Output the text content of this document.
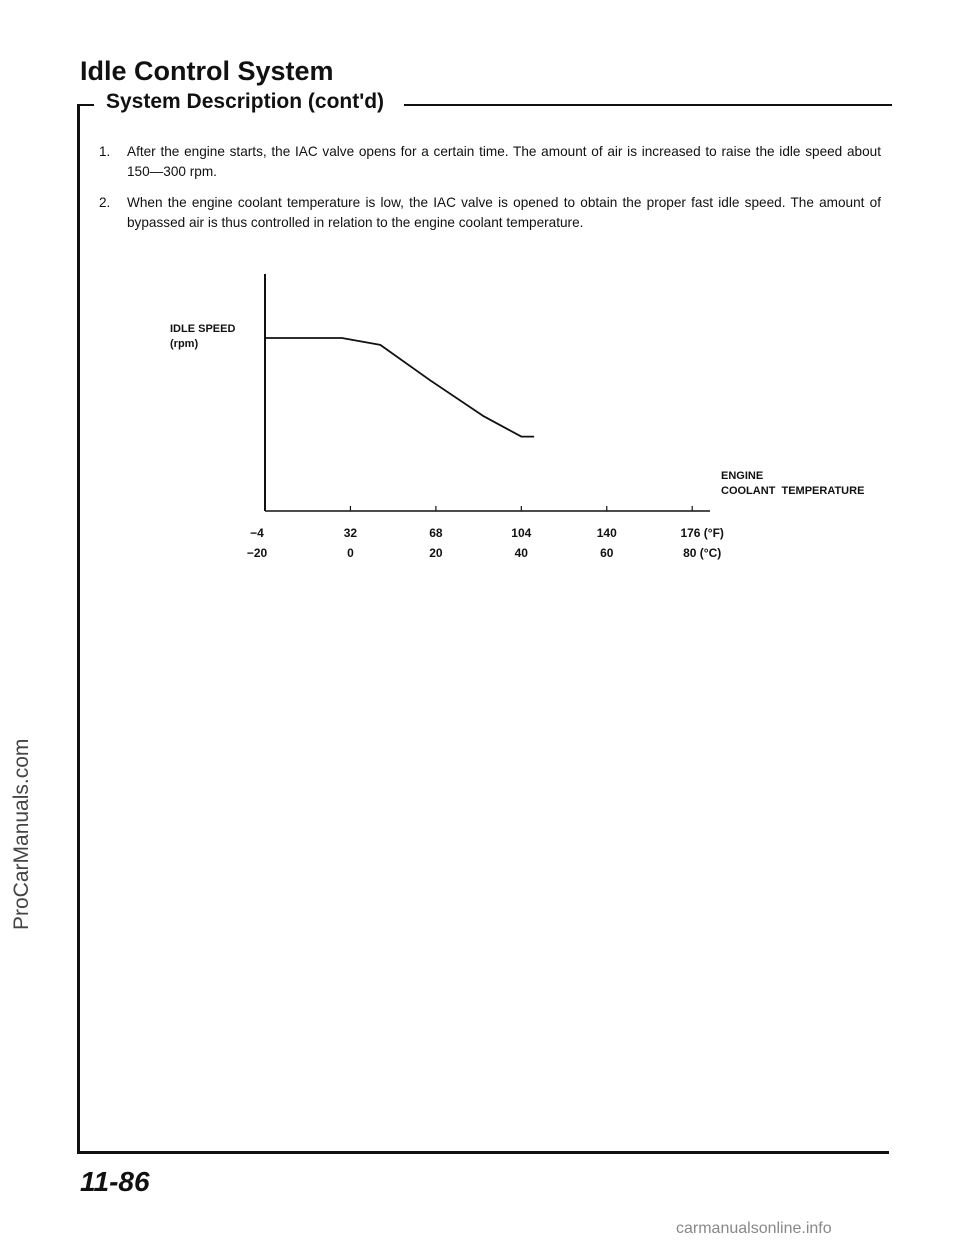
Idle Control System
System Description (cont'd)
1.	After the engine starts, the IAC valve opens for a certain time. The amount of air is increased to raise the idle speed about 150—300 rpm.
2.	When the engine coolant temperature is low, the IAC valve is opened to obtain the proper fast idle speed. The amount of bypassed air is thus controlled in relation to the engine coolant temperature.
IDLE SPEED
(rpm)
ENGINE
COOLANT  TEMPERATURE
−4
−20
32
0
68
20
104
40
140
60
176 (°F)
80 (°C)
ProCarManuals.com
11-86
carmanualsonline.info
